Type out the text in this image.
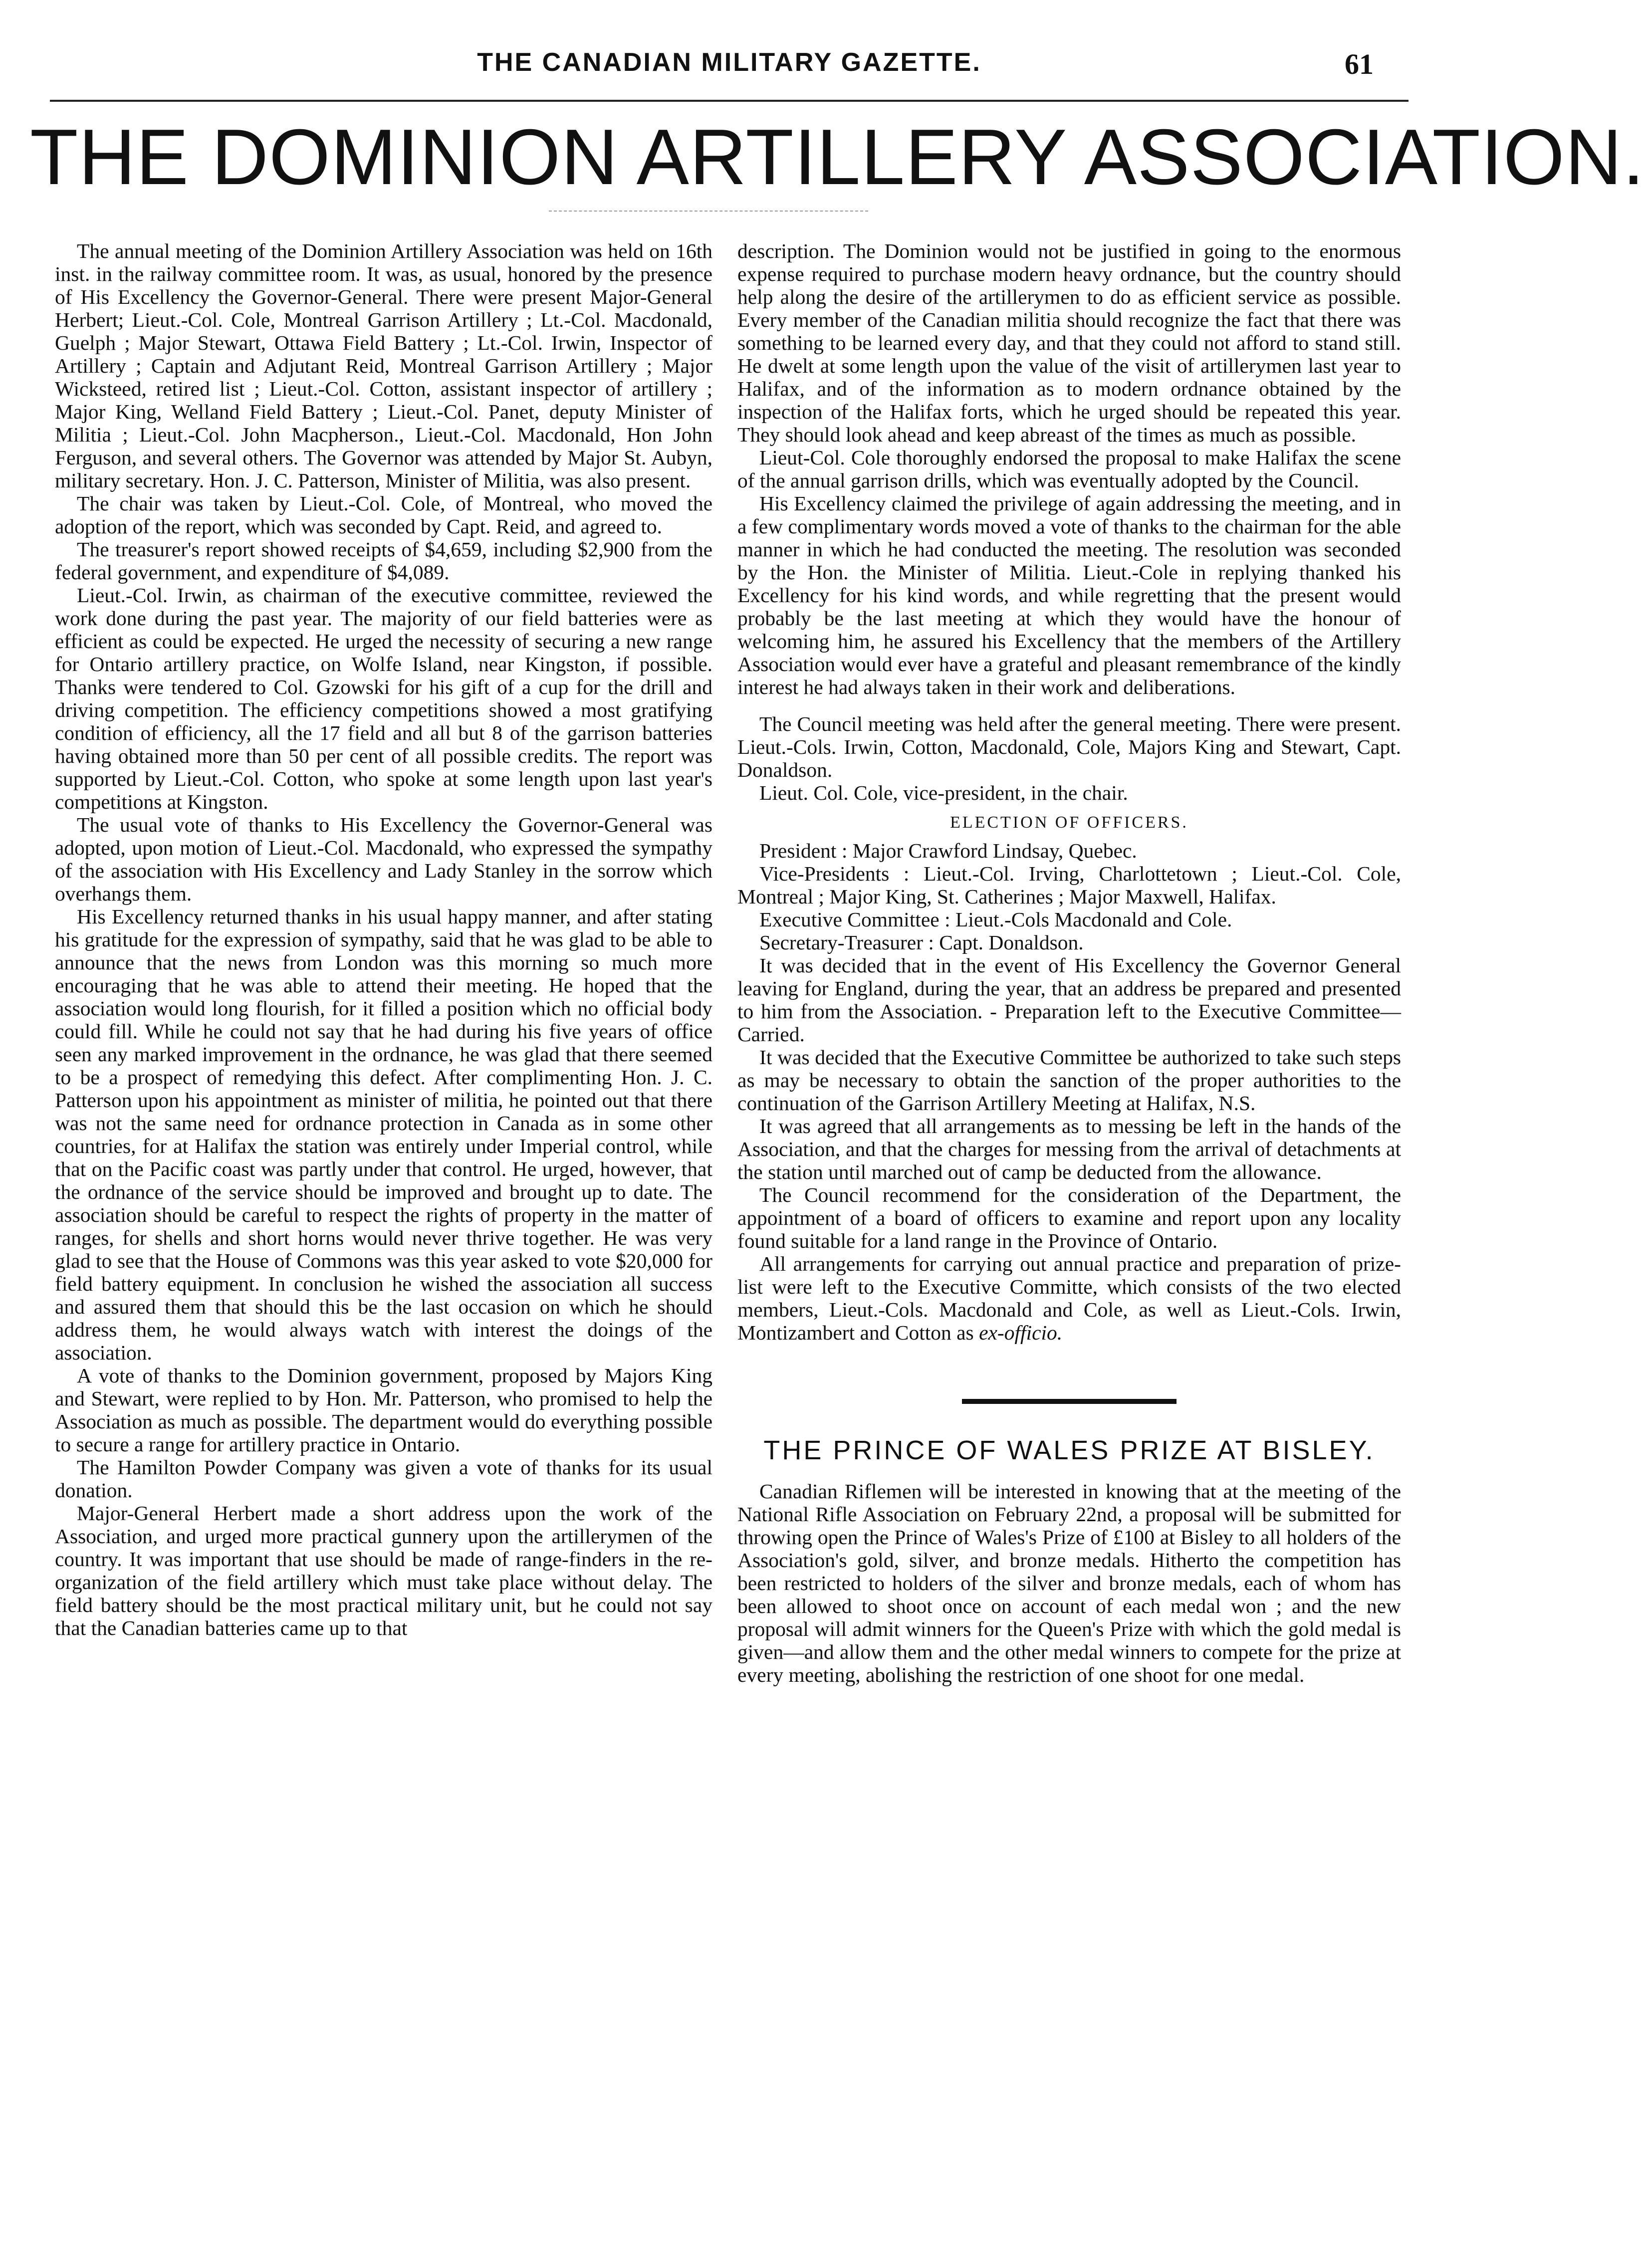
THE CANADIAN MILITARY GAZETTE.	61
THE DOMINION ARTILLERY ASSOCIATION.

The annual meeting of the Dominion Artillery Association was held on 16th inst. in the railway committee room. It was, as usual, honored by the presence of His Excellency the Governor-General. There were present Major-General Herbert; Lieut.-Col. Cole, Montreal Garrison Artillery ; Lt.-Col. Macdonald, Guelph ; Major Stewart, Ottawa Field Battery ; Lt.-Col. Irwin, Inspector of Artillery ; Captain and Adjutant Reid, Montreal Garrison Artillery ; Major Wicksteed, retired list ; Lieut.-Col. Cotton, assistant inspector of artillery ; Major King, Welland Field Battery ; Lieut.-Col. Panet, deputy Minister of Militia ; Lieut.-Col. John Macpherson., Lieut.-Col. Macdonald, Hon John Ferguson, and several others. The Governor was attended by Major St. Aubyn, military secretary. Hon. J. C. Patterson, Minister of Militia, was also present.

The chair was taken by Lieut.-Col. Cole, of Montreal, who moved the adoption of the report, which was seconded by Capt. Reid, and agreed to.

The treasurer's report showed receipts of $4,659, including $2,900 from the federal government, and expenditure of $4,089.

Lieut.-Col. Irwin, as chairman of the executive committee, reviewed the work done during the past year. The majority of our field batteries were as efficient as could be expected. He urged the necessity of securing a new range for Ontario artillery practice, on Wolfe Island, near Kingston, if possible. Thanks were tendered to Col. Gzowski for his gift of a cup for the drill and driving competition. The efficiency competitions showed a most gratifying condition of efficiency, all the 17 field and all but 8 of the garrison batteries having obtained more than 50 per cent of all possible credits. The report was supported by Lieut.-Col. Cotton, who spoke at some length upon last year's competitions at Kingston.

The usual vote of thanks to His Excellency the Governor-General was adopted, upon motion of Lieut.-Col. Macdonald, who expressed the sympathy of the association with His Excellency and Lady Stanley in the sorrow which overhangs them.

His Excellency returned thanks in his usual happy manner, and after stating his gratitude for the expression of sympathy, said that he was glad to be able to announce that the news from London was this morning so much more encouraging that he was able to attend their meeting. He hoped that the association would long flourish, for it filled a position which no official body could fill. While he could not say that he had during his five years of office seen any marked improvement in the ordnance, he was glad that there seemed to be a prospect of remedying this defect. After complimenting Hon. J. C. Patterson upon his appointment as minister of militia, he pointed out that there was not the same need for ordnance protection in Canada as in some other countries, for at Halifax the station was entirely under Imperial control, while that on the Pacific coast was partly under that control. He urged, however, that the ordnance of the service should be improved and brought up to date. The association should be careful to respect the rights of property in the matter of ranges, for shells and short horns would never thrive together. He was very glad to see that the House of Commons was this year asked to vote $20,000 for field battery equipment. In conclusion he wished the association all success and assured them that should this be the last occasion on which he should address them, he would always watch with interest the doings of the association.

A vote of thanks to the Dominion government, proposed by Majors King and Stewart, were replied to by Hon. Mr. Patterson, who promised to help the Association as much as possible. The department would do everything possible to secure a range for artillery practice in Ontario.

The Hamilton Powder Company was given a vote of thanks for its usual donation.

Major-General Herbert made a short address upon the work of the Association, and urged more practical gunnery upon the artillerymen of the country. It was important that use should be made of range-finders in the re-organization of the field artillery which must take place without delay. The field battery should be the most practical military unit, but he could not say that the Canadian batteries came up to that

description. The Dominion would not be justified in going to the enormous expense required to purchase modern heavy ordnance, but the country should help along the desire of the artillerymen to do as efficient service as possible. Every member of the Canadian militia should recognize the fact that there was something to be learned every day, and that they could not afford to stand still. He dwelt at some length upon the value of the visit of artillerymen last year to Halifax, and of the information as to modern ordnance obtained by the inspection of the Halifax forts, which he urged should be repeated this year. They should look ahead and keep abreast of the times as much as possible.

Lieut-Col. Cole thoroughly endorsed the proposal to make Halifax the scene of the annual garrison drills, which was eventually adopted by the Council.

His Excellency claimed the privilege of again addressing the meeting, and in a few complimentary words moved a vote of thanks to the chairman for the able manner in which he had conducted the meeting. The resolution was seconded by the Hon. the Minister of Militia. Lieut.-Cole in replying thanked his Excellency for his kind words, and while regretting that the present would probably be the last meeting at which they would have the honour of welcoming him, he assured his Excellency that the members of the Artillery Association would ever have a grateful and pleasant remembrance of the kindly interest he had always taken in their work and deliberations.

The Council meeting was held after the general meeting. There were present. Lieut.-Cols. Irwin, Cotton, Macdonald, Cole, Majors King and Stewart, Capt. Donaldson.

Lieut. Col. Cole, vice-president, in the chair.

ELECTION OF OFFICERS.

President : Major Crawford Lindsay, Quebec.

Vice-Presidents : Lieut.-Col. Irving, Charlottetown ; Lieut.-Col. Cole, Montreal ; Major King, St. Catherines ; Major Maxwell, Halifax.

Executive Committee : Lieut.-Cols Macdonald and Cole.

Secretary-Treasurer : Capt. Donaldson.

It was decided that in the event of His Excellency the Governor General leaving for England, during the year, that an address be prepared and presented to him from the Association. - Preparation left to the Executive Committee— Carried.

It was decided that the Executive Committee be authorized to take such steps as may be necessary to obtain the sanction of the proper authorities to the continuation of the Garrison Artillery Meeting at Halifax, N.S.

It was agreed that all arrangements as to messing be left in the hands of the Association, and that the charges for messing from the arrival of detachments at the station until marched out of camp be deducted from the allowance.

The Council recommend for the consideration of the Department, the appointment of a board of officers to examine and report upon any locality found suitable for a land range in the Province of Ontario.

All arrangements for carrying out annual practice and preparation of prize-list were left to the Executive Committe, which consists of the two elected members, Lieut.-Cols. Macdonald and Cole, as well as Lieut.-Cols. Irwin, Montizambert and Cotton as ex-officio.

THE PRINCE OF WALES PRIZE AT BISLEY.

Canadian Riflemen will be interested in knowing that at the meeting of the National Rifle Association on February 22nd, a proposal will be submitted for throwing open the Prince of Wales's Prize of £100 at Bisley to all holders of the Association's gold, silver, and bronze medals. Hitherto the competition has been restricted to holders of the silver and bronze medals, each of whom has been allowed to shoot once on account of each medal won ; and the new proposal will admit winners for the Queen's Prize with which the gold medal is given—and allow them and the other medal winners to compete for the prize at every meeting, abolishing the restriction of one shoot for one medal.
